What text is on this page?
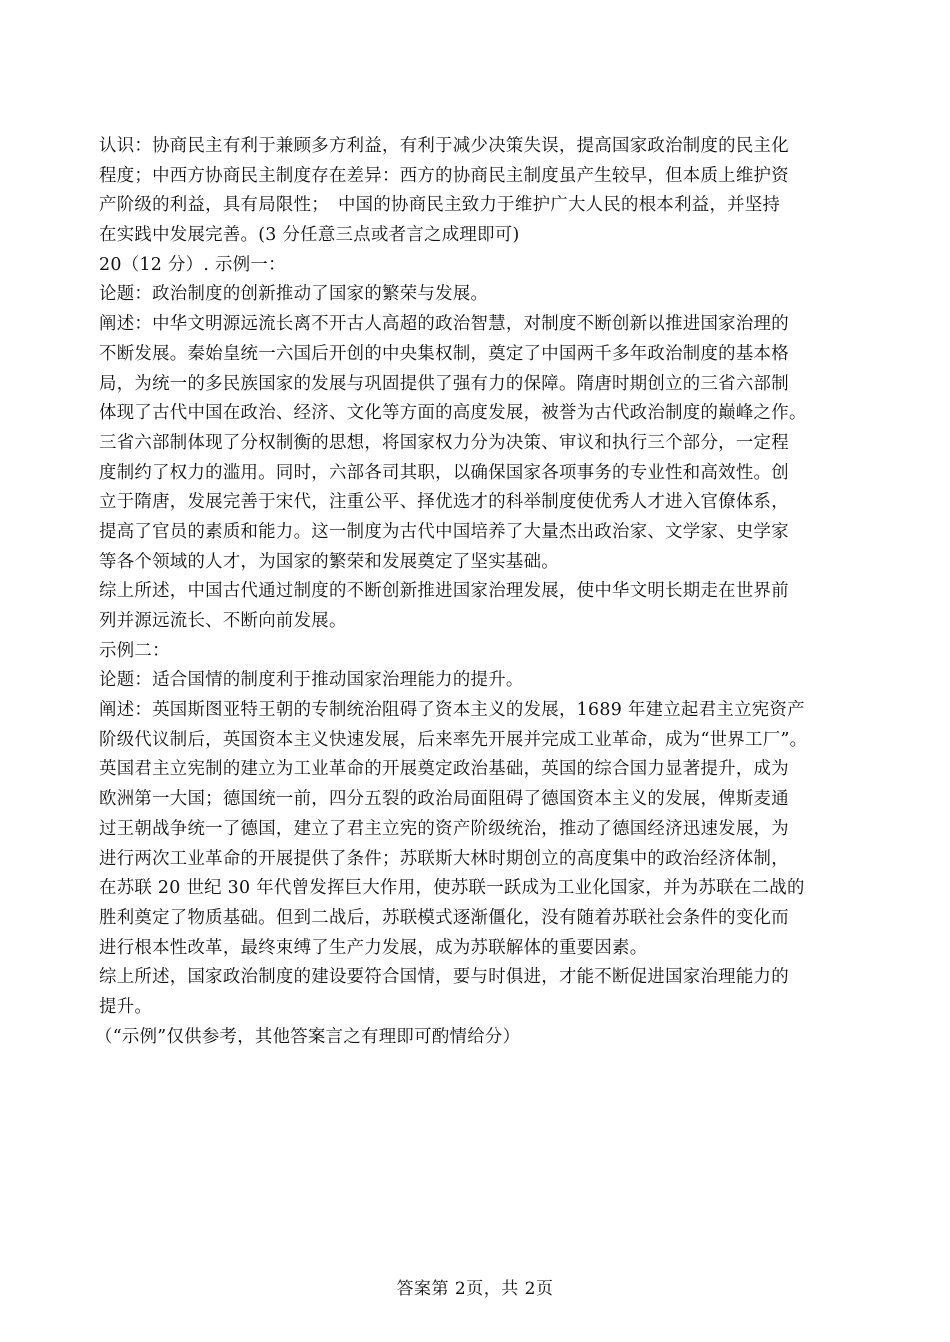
认识：协商民主有利于兼顾多方利益，有利于减少决策失误，提高国家政治制度的民主化
程度；中西方协商民主制度存在差异：西方的协商民主制度虽产生较早，但本质上维护资
产阶级的利益，具有局限性；　中国的协商民主致力于维护广大人民的根本利益，并坚持
在实践中发展完善。(3 分任意三点或者言之成理即可)
20（12 分）. 示例一：
论题：政治制度的创新推动了国家的繁荣与发展。
阐述：中华文明源远流长离不开古人高超的政治智慧，对制度不断创新以推进国家治理的
不断发展。秦始皇统一六国后开创的中央集权制，奠定了中国两千多年政治制度的基本格
局，为统一的多民族国家的发展与巩固提供了强有力的保障。隋唐时期创立的三省六部制
体现了古代中国在政治、经济、文化等方面的高度发展，被誉为古代政治制度的巅峰之作。
三省六部制体现了分权制衡的思想，将国家权力分为决策、审议和执行三个部分，一定程
度制约了权力的滥用。同时，六部各司其职，以确保国家各项事务的专业性和高效性。创
立于隋唐，发展完善于宋代，注重公平、择优选才的科举制度使优秀人才进入官僚体系，
提高了官员的素质和能力。这一制度为古代中国培养了大量杰出政治家、文学家、史学家
等各个领域的人才，为国家的繁荣和发展奠定了坚实基础。
综上所述，中国古代通过制度的不断创新推进国家治理发展，使中华文明长期走在世界前
列并源远流长、不断向前发展。
示例二：
论题：适合国情的制度利于推动国家治理能力的提升。
阐述：英国斯图亚特王朝的专制统治阻碍了资本主义的发展，1689 年建立起君主立宪资产
阶级代议制后，英国资本主义快速发展，后来率先开展并完成工业革命，成为“世界工厂”。
英国君主立宪制的建立为工业革命的开展奠定政治基础，英国的综合国力显著提升，成为
欧洲第一大国；德国统一前，四分五裂的政治局面阻碍了德国资本主义的发展，俾斯麦通
过王朝战争统一了德国，建立了君主立宪的资产阶级统治，推动了德国经济迅速发展，为
进行两次工业革命的开展提供了条件；苏联斯大林时期创立的高度集中的政治经济体制，
在苏联 20 世纪 30 年代曾发挥巨大作用，使苏联一跃成为工业化国家，并为苏联在二战的
胜利奠定了物质基础。但到二战后，苏联模式逐渐僵化，没有随着苏联社会条件的变化而
进行根本性改革，最终束缚了生产力发展，成为苏联解体的重要因素。
综上所述，国家政治制度的建设要符合国情，要与时俱进，才能不断促进国家治理能力的
提升。
（“示例”仅供参考，其他答案言之有理即可酌情给分）
答案第 2页，共 2页
